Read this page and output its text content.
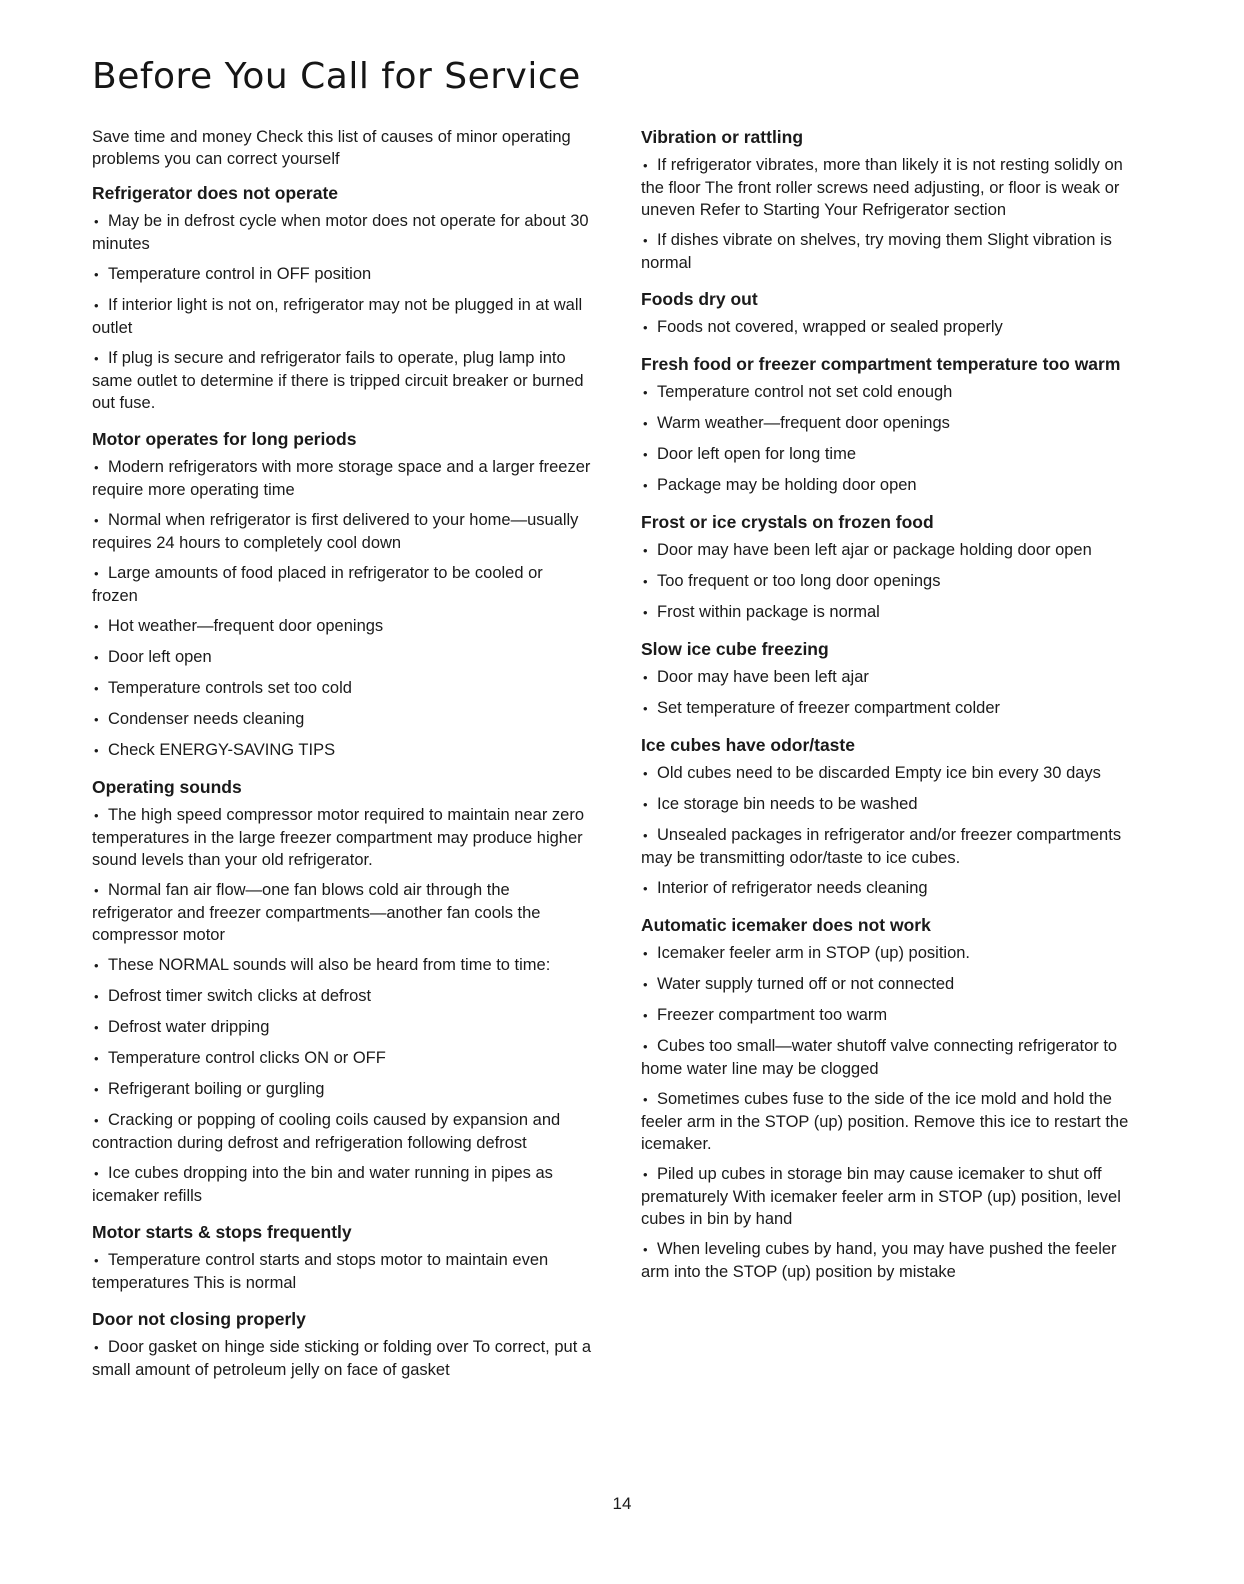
Before You Call for Service

Save time and money Check this list of causes of minor operating problems you can correct yourself

Refrigerator does not operate
• May be in defrost cycle when motor does not operate for about 30 minutes
• Temperature control in OFF position
• If interior light is not on, refrigerator may not be plugged in at wall outlet
• If plug is secure and refrigerator fails to operate, plug lamp into same outlet to determine if there is tripped circuit breaker or burned out fuse.
Motor operates for long periods
• Modern refrigerators with more storage space and a larger freezer require more operating time
• Normal when refrigerator is first delivered to your home—usually requires 24 hours to completely cool down
• Large amounts of food placed in refrigerator to be cooled or frozen
• Hot weather—frequent door openings
• Door left open
• Temperature controls set too cold
• Condenser needs cleaning
• Check ENERGY-SAVING TIPS
Operating sounds
• The high speed compressor motor required to maintain near zero temperatures in the large freezer compartment may produce higher sound levels than your old refrigerator.
• Normal fan air flow—one fan blows cold air through the refrigerator and freezer compartments—another fan cools the compressor motor
• These NORMAL sounds will also be heard from time to time:
• Defrost timer switch clicks at defrost
• Defrost water dripping
• Temperature control clicks ON or OFF
• Refrigerant boiling or gurgling
• Cracking or popping of cooling coils caused by expansion and contraction during defrost and refrigeration following defrost
• Ice cubes dropping into the bin and water running in pipes as icemaker refills
Motor starts & stops frequently
• Temperature control starts and stops motor to maintain even temperatures This is normal
Door not closing properly
• Door gasket on hinge side sticking or folding over To correct, put a small amount of petroleum jelly on face of gasket
Vibration or rattling
• If refrigerator vibrates, more than likely it is not resting solidly on the floor The front roller screws need adjusting, or floor is weak or uneven Refer to Starting Your Refrigerator section
• If dishes vibrate on shelves, try moving them Slight vibration is normal
Foods dry out
• Foods not covered, wrapped or sealed properly
Fresh food or freezer compartment temperature too warm
• Temperature control not set cold enough
• Warm weather—frequent door openings
• Door left open for long time
• Package may be holding door open
Frost or ice crystals on frozen food
• Door may have been left ajar or package holding door open
• Too frequent or too long door openings
• Frost within package is normal
Slow ice cube freezing
• Door may have been left ajar
• Set temperature of freezer compartment colder
Ice cubes have odor/taste
• Old cubes need to be discarded Empty ice bin every 30 days
• Ice storage bin needs to be washed
• Unsealed packages in refrigerator and/or freezer compartments may be transmitting odor/taste to ice cubes.
• Interior of refrigerator needs cleaning
Automatic icemaker does not work
• Icemaker feeler arm in STOP (up) position.
• Water supply turned off or not connected
• Freezer compartment too warm
• Cubes too small—water shutoff valve connecting refrigerator to home water line may be clogged
• Sometimes cubes fuse to the side of the ice mold and hold the feeler arm in the STOP (up) position. Remove this ice to restart the icemaker.
• Piled up cubes in storage bin may cause icemaker to shut off prematurely With icemaker feeler arm in STOP (up) position, level cubes in bin by hand
• When leveling cubes by hand, you may have pushed the feeler arm into the STOP (up) position by mistake
14
